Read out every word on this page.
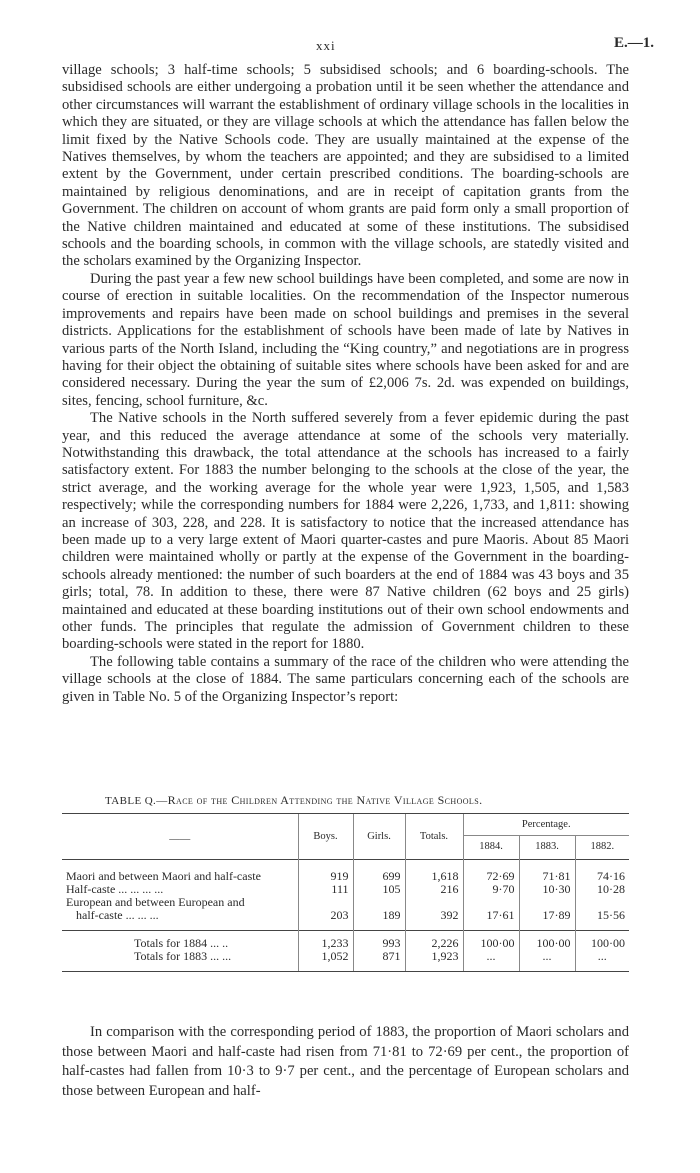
xxi	E.—1.

village schools; 3 half-time schools; 5 subsidised schools; and 6 boarding-schools. The subsidised schools are either undergoing a probation until it be seen whether the attendance and other circumstances will warrant the establishment of ordinary village schools in the localities in which they are situated, or they are village schools at which the attendance has fallen below the limit fixed by the Native Schools code. They are usually maintained at the expense of the Natives themselves, by whom the teachers are appointed; and they are subsidised to a limited extent by the Government, under certain prescribed conditions. The boarding-schools are maintained by religious denominations, and are in receipt of capitation grants from the Government. The children on account of whom grants are paid form only a small proportion of the Native children maintained and educated at some of these institutions. The subsidised schools and the boarding schools, in common with the village schools, are statedly visited and the scholars examined by the Organizing Inspector.

During the past year a few new school buildings have been completed, and some are now in course of erection in suitable localities. On the recommendation of the Inspector numerous improvements and repairs have been made on school buildings and premises in the several districts. Applications for the establishment of schools have been made of late by Natives in various parts of the North Island, including the “King country,” and negotiations are in progress having for their object the obtaining of suitable sites where schools have been asked for and are considered necessary. During the year the sum of £2,006 7s. 2d. was expended on buildings, sites, fencing, school furniture, &c.

The Native schools in the North suffered severely from a fever epidemic during the past year, and this reduced the average attendance at some of the schools very materially. Notwithstanding this drawback, the total attendance at the schools has increased to a fairly satisfactory extent. For 1883 the number belonging to the schools at the close of the year, the strict average, and the working average for the whole year were 1,923, 1,505, and 1,583 respectively; while the corresponding numbers for 1884 were 2,226, 1,733, and 1,811: showing an increase of 303, 228, and 228. It is satisfactory to notice that the increased attendance has been made up to a very large extent of Maori quarter-castes and pure Maoris. About 85 Maori children were maintained wholly or partly at the expense of the Government in the boarding-schools already mentioned: the number of such boarders at the end of 1884 was 43 boys and 35 girls; total, 78. In addition to these, there were 87 Native children (62 boys and 25 girls) maintained and educated at these boarding institutions out of their own school endowments and other funds. The principles that regulate the admission of Government children to these boarding-schools were stated in the report for 1880.

The following table contains a summary of the race of the children who were attending the village schools at the close of 1884. The same particulars concerning each of the schools are given in Table No. 5 of the Organizing Inspector’s report:

TABLE Q.—Race of the Children Attending the Native Village Schools.
——	Boys.	Girls.	Totals.	Percentage.		
				1884.	1883.	1882.
Maori and between Maori and half-caste	919	699	1,618	72·69	71·81	74·16
Half-caste ... ... ... ...	111	105	216	9·70	10·30	10·28

European and between European and
half-caste ... ... ...	203	189	392	17·61	17·89	15·56
Totals for 1884 ... ..	1,233	993	2,226	100·00	100·00	100·00
Totals for 1883 ... ...	1,052	871	1,923	...	...	...

In comparison with the corresponding period of 1883, the proportion of Maori scholars and those between Maori and half-caste had risen from 71·81 to 72·69 per cent., the proportion of half-castes had fallen from 10·3 to 9·7 per cent., and the percentage of European scholars and those between European and half-
